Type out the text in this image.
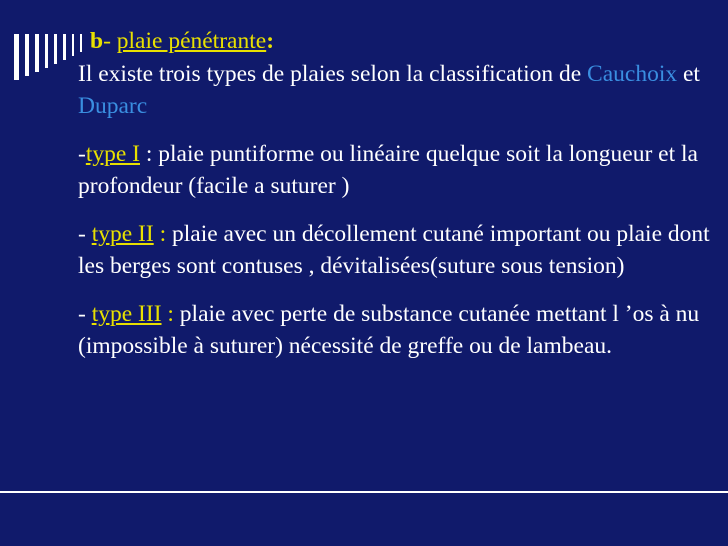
b- plaie pénétrante:

Il existe trois types de plaies selon la classification de Cauchoix et Duparc

-type I : plaie puntiforme ou linéaire quelque soit la longueur et la profondeur (facile a suturer )

- type II : plaie avec un décollement cutané important ou plaie dont les berges sont contuses , dévitalisées(suture sous tension)

- type III : plaie avec perte de substance cutanée mettant l ’os à nu (impossible à suturer) nécessité de greffe ou de lambeau.
